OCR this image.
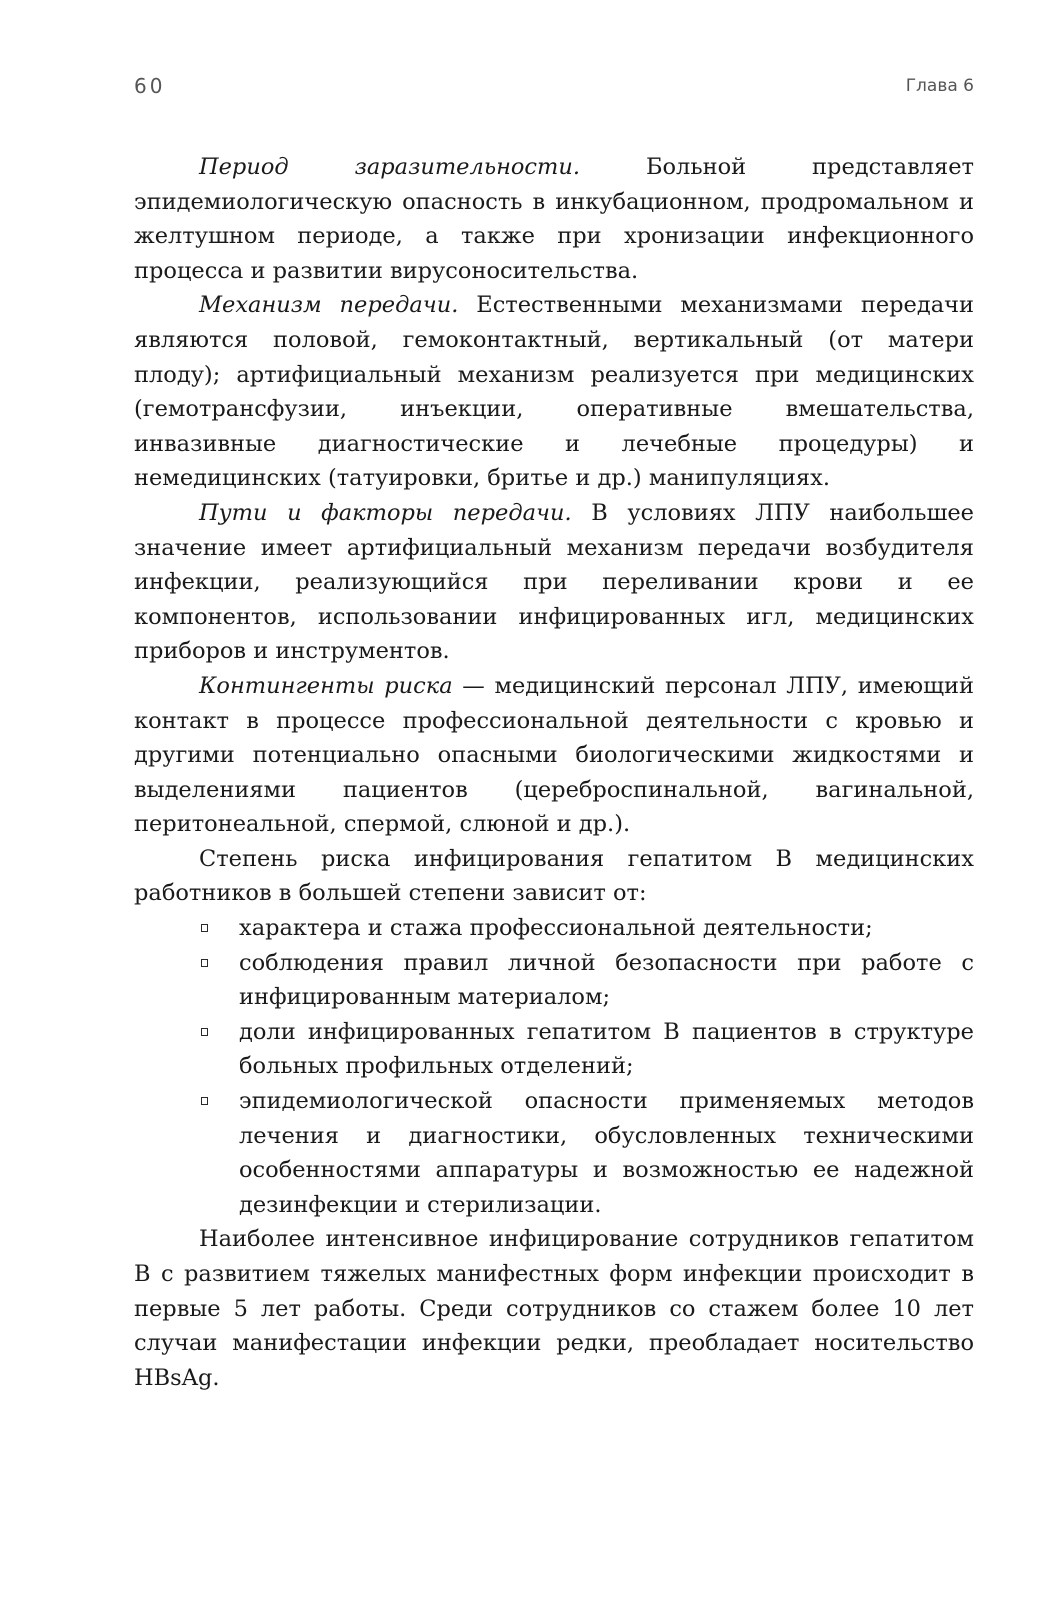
60	Глава 6

Период заразительности. Больной представляет эпидемиологическую опасность в инкубационном, продромальном и желтушном периоде, а также при хронизации инфекционного процесса и развитии вирусоносительства.

Механизм передачи. Естественными механизмами передачи являются половой, гемоконтактный, вертикальный (от матери плоду); артифициальный механизм реализуется при медицинских (гемотрансфузии, инъекции, оперативные вмешательства, инвазивные диагностические и лечебные процедуры) и немедицинских (татуировки, бритье и др.) манипуляциях.

Пути и факторы передачи. В условиях ЛПУ наибольшее значение имеет артифициальный механизм передачи возбудителя инфекции, реализующийся при переливании крови и ее компонентов, использовании инфицированных игл, медицинских приборов и инструментов.

Контингенты риска — медицинский персонал ЛПУ, имеющий контакт в процессе профессиональной деятельности с кровью и другими потенциально опасными биологическими жидкостями и выделениями пациентов (цереброспинальной, вагинальной, перитонеальной, спермой, слюной и др.).

Степень риска инфицирования гепатитом В медицинских работников в большей степени зависит от:

характера и стажа профессиональной деятельности;
соблюдения правил личной безопасности при работе с инфицированным материалом;
доли инфицированных гепатитом В пациентов в структуре больных профильных отделений;
эпидемиологической опасности применяемых методов лечения и диагностики, обусловленных техническими особенностями аппаратуры и возможностью ее надежной дезинфекции и стерилизации.

Наиболее интенсивное инфицирование сотрудников гепатитом В с развитием тяжелых манифестных форм инфекции происходит в первые 5 лет работы. Среди сотрудников со стажем более 10 лет случаи манифестации инфекции редки, преобладает носительство HBsAg.
